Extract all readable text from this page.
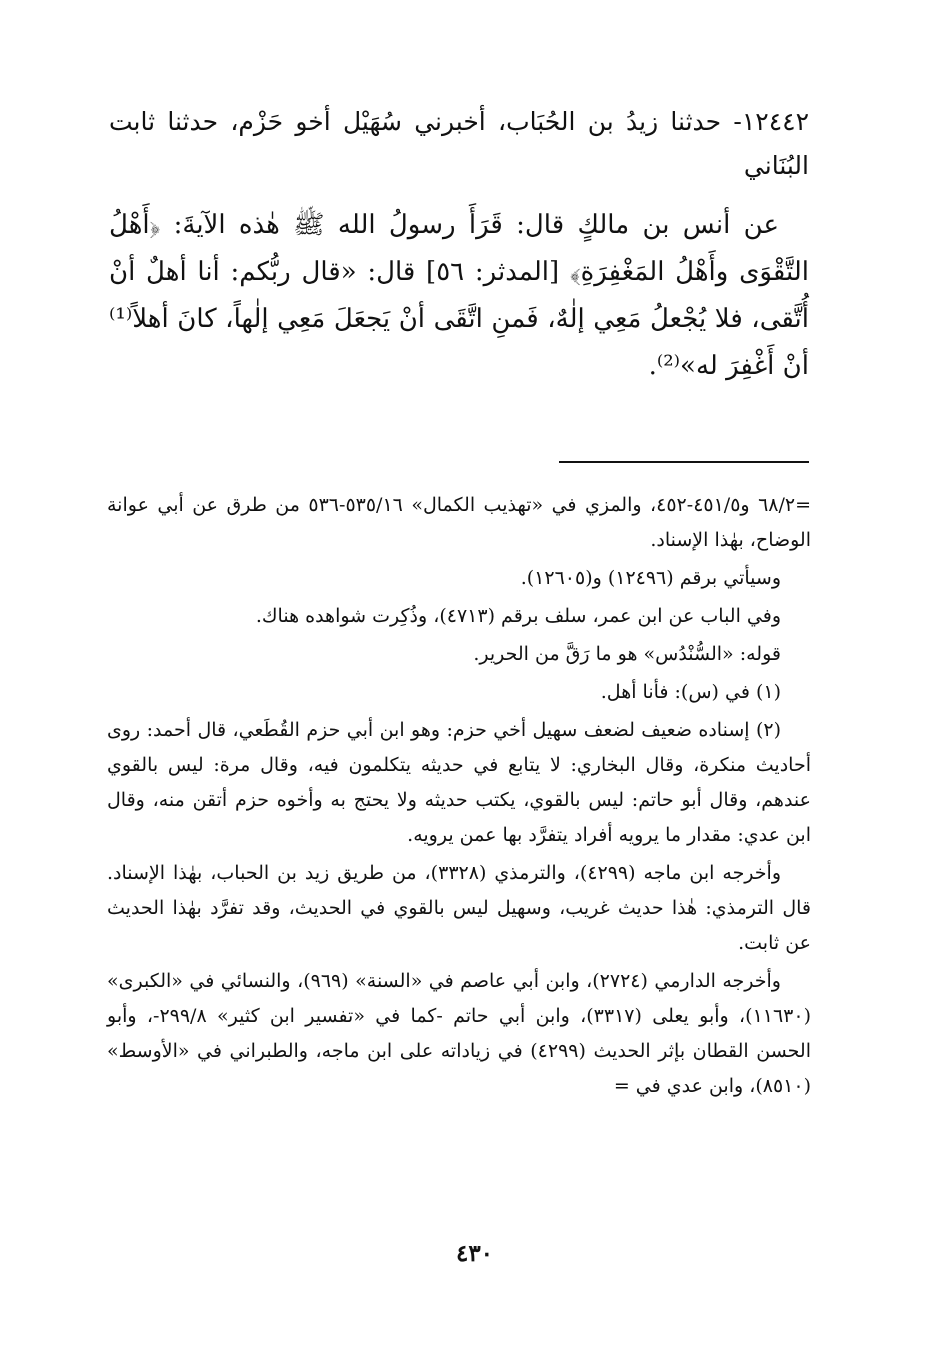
١٢٤٤٢- حدثنا زيدُ بن الحُبَاب، أخبرني سُهَيْل أخو حَزْم، حدثنا ثابت البُنَاني

عن أنس بن مالكٍ قال: قَرَأَ رسولُ الله ﷺ هٰذه الآيةَ: ﴿أَهْلُ التَّقْوَى وأَهْلُ المَغْفِرَةِ﴾ [المدثر: ٥٦] قال: «قال ربُّكم: أنا أهلٌ أنْ أُتَّقى، فلا يُجْعلُ مَعِي إلٰهٌ، فَمنِ اتَّقَى أنْ يَجعَلَ مَعِي إلٰهاً، كانَ أهلاً⁽¹⁾ أنْ أَغْفِرَ له»⁽²⁾.

=٦٨/٢ و٤٥١/٥-٤٥٢، والمزي في «تهذيب الكمال» ٥٣٥/١٦-٥٣٦ من طرق عن أبي عوانة الوضاح، بهٰذا الإسناد.

وسيأتي برقم (١٢٤٩٦) و(١٢٦٠٥).

وفي الباب عن ابن عمر، سلف برقم (٤٧١٣)، وذُكِرت شواهده هناك.

قوله: «السُّنْدُس» هو ما رَقَّ من الحرير.

(١) في (س): فأنا أهل.

(٢) إسناده ضعيف لضعف سهيل أخي حزم: وهو ابن أبي حزم القُطَعي، قال أحمد: روى أحاديث منكرة، وقال البخاري: لا يتابع في حديثه يتكلمون فيه، وقال مرة: ليس بالقوي عندهم، وقال أبو حاتم: ليس بالقوي، يكتب حديثه ولا يحتج به وأخوه حزم أتقن منه، وقال ابن عدي: مقدار ما يرويه أفراد يتفرَّد بها عمن يرويه.

وأخرجه ابن ماجه (٤٢٩٩)، والترمذي (٣٣٢٨)، من طريق زيد بن الحباب، بهٰذا الإسناد. قال الترمذي: هٰذا حديث غريب، وسهيل ليس بالقوي في الحديث، وقد تفرَّد بهٰذا الحديث عن ثابت.

وأخرجه الدارمي (٢٧٢٤)، وابن أبي عاصم في «السنة» (٩٦٩)، والنسائي في «الكبرى» (١١٦٣٠)، وأبو يعلى (٣٣١٧)، وابن أبي حاتم -كما في «تفسير ابن كثير» ٢٩٩/٨-، وأبو الحسن القطان بإثر الحديث (٤٢٩٩) في زياداته على ابن ماجه، والطبراني في «الأوسط» (٨٥١٠)، وابن عدي في =

٤٣٠
